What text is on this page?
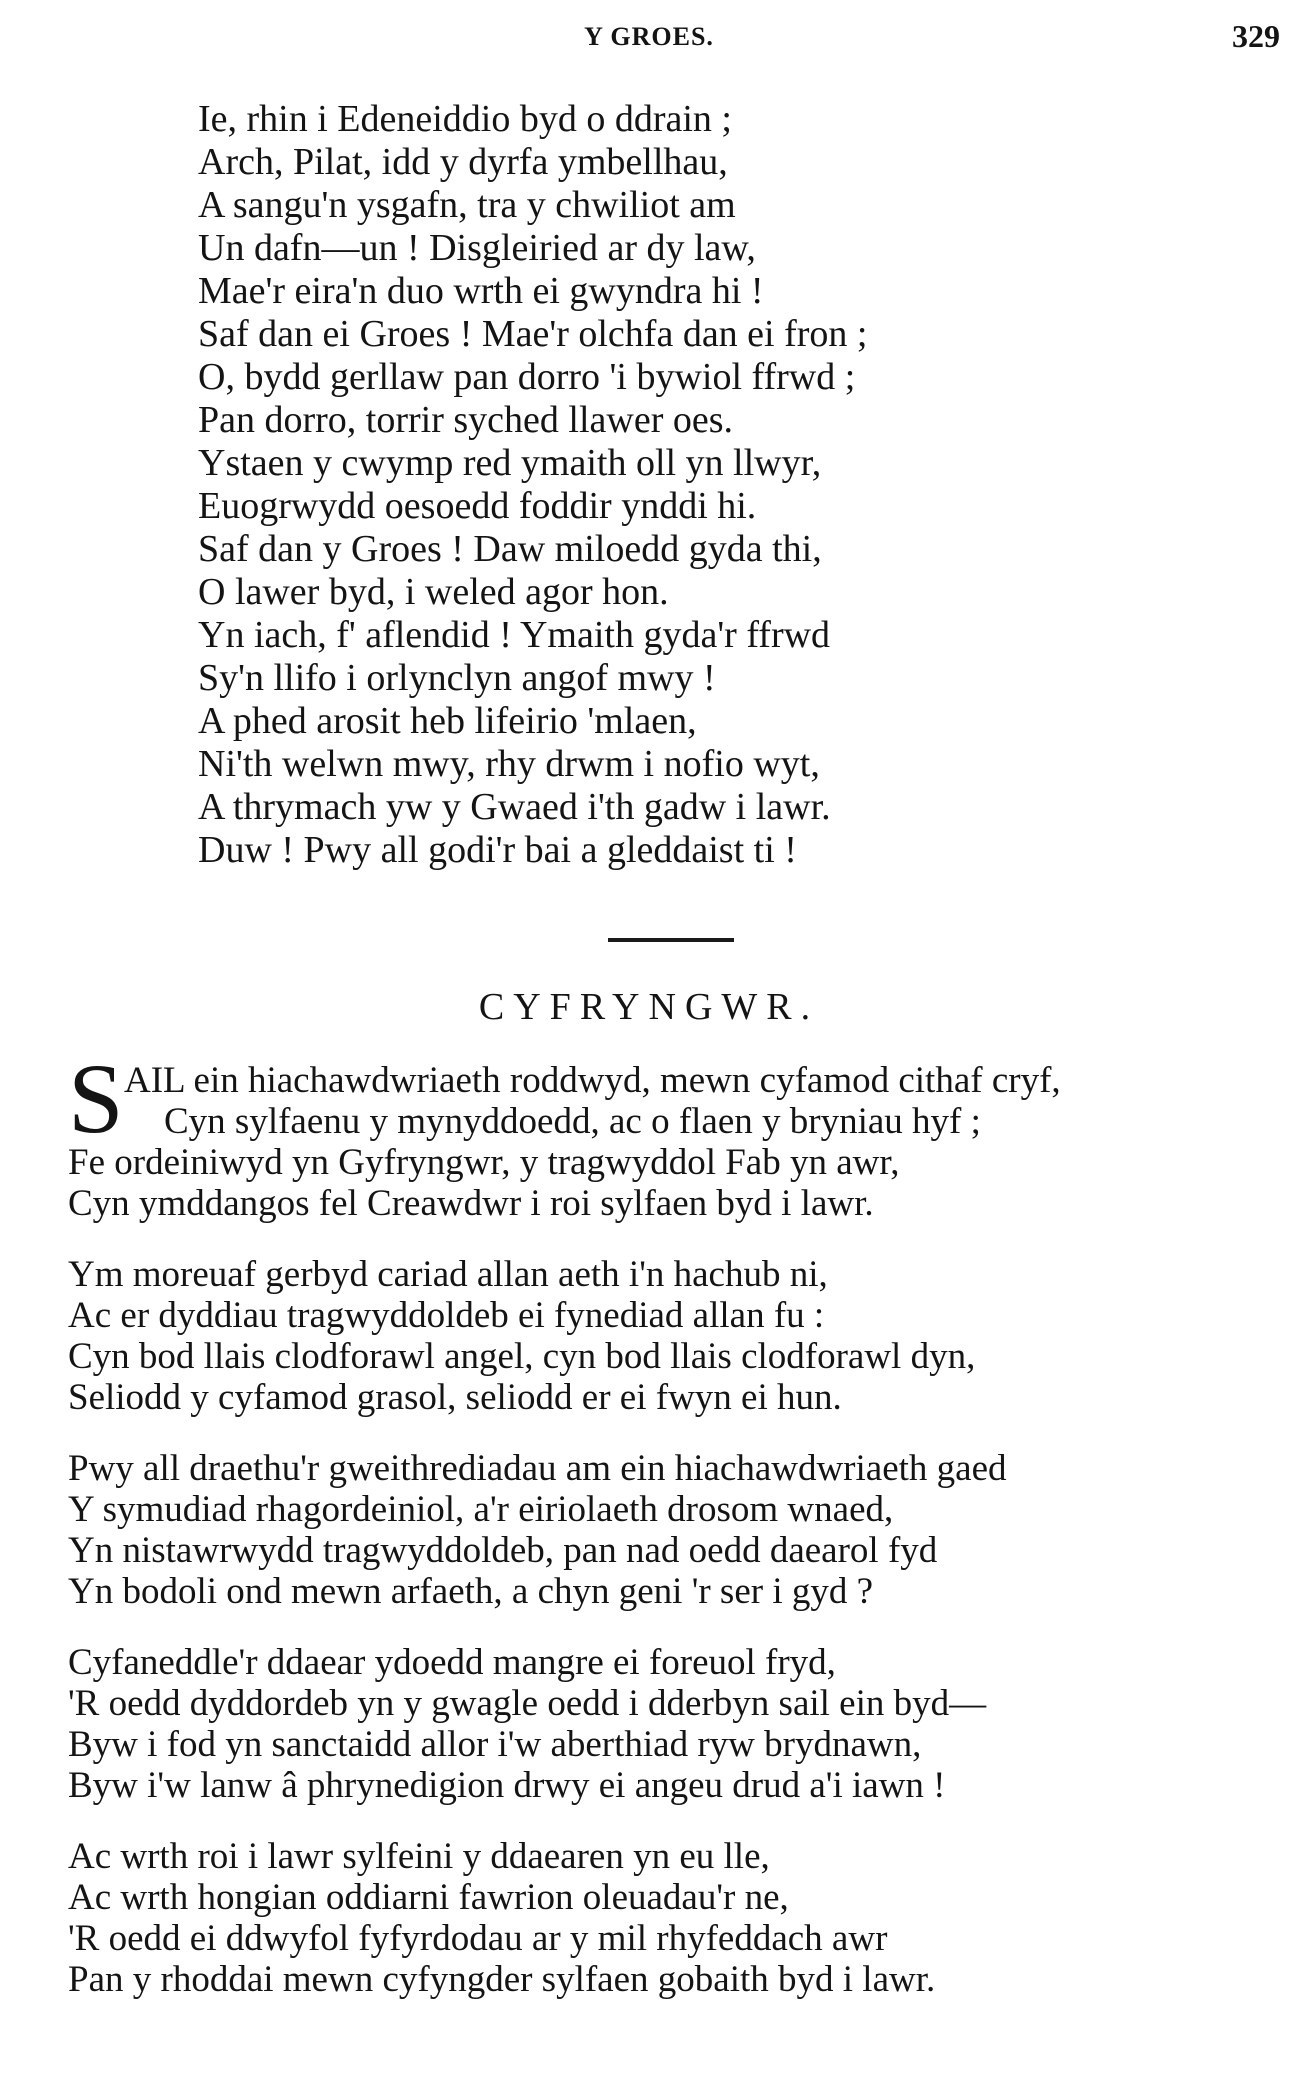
Y GROES.	329
Ie, rhin i Edeneiddio byd o ddrain ;
Arch, Pilat, idd y dyrfa ymbellhau,
A sangu'n ysgafn, tra y chwiliot am
Un dafn—un ! Disgleiried ar dy law,
Mae'r eira'n duo wrth ei gwyndra hi !
Saf dan ei Groes ! Mae'r olchfa dan ei fron ;
O, bydd gerllaw pan dorro 'i bywiol ffrwd ;
Pan dorro, torrir syched llawer oes.
Ystaen y cwymp red ymaith oll yn llwyr,
Euogrwydd oesoedd foddir ynddi hi.
Saf dan y Groes ! Daw miloedd gyda thi,
O lawer byd, i weled agor hon.
Yn iach, f' aflendid ! Ymaith gyda'r ffrwd
Sy'n llifo i orlynclyn angof mwy !
A phed arosit heb lifeirio 'mlaen,
Ni'th welwn mwy, rhy drwm i nofio wyt,
A thrymach yw y Gwaed i'th gadw i lawr.
Duw ! Pwy all godi'r bai a gleddaist ti !
CYFRYNGWR.
S AIL ein hiachawdwriaeth roddwyd, mewn cyfamod cithaf cryf,
Cyn sylfaenu y mynyddoedd, ac o flaen y bryniau hyf ;
Fe ordeiniwyd yn Gyfryngwr, y tragwyddol Fab yn awr,
Cyn ymddangos fel Creawdwr i roi sylfaen byd i lawr.
Ym moreuaf gerbyd cariad allan aeth i'n hachub ni,
Ac er dyddiau tragwyddoldeb ei fynediad allan fu :
Cyn bod llais clodforawl angel, cyn bod llais clodforawl dyn,
Seliodd y cyfamod grasol, seliodd er ei fwyn ei hun.
Pwy all draethu'r gweithrediadau am ein hiachawdwriaeth gaed
Y symudiad rhagordeiniol, a'r eiriolaeth drosom wnaed,
Yn nistawrwydd tragwyddoldeb, pan nad oedd daearol fyd
Yn bodoli ond mewn arfaeth, a chyn geni 'r ser i gyd ?
Cyfaneddle'r ddaear ydoedd mangre ei foreuol fryd,
'R oedd dyddordeb yn y gwagle oedd i dderbyn sail ein byd—
Byw i fod yn sanctaidd allor i'w aberthiad ryw brydnawn,
Byw i'w lanw â phrynedigion drwy ei angeu drud a'i iawn !
Ac wrth roi i lawr sylfeini y ddaearen yn eu lle,
Ac wrth hongian oddiarni fawrion oleuadau'r ne,
'R oedd ei ddwyfol fyfyrdodau ar y mil rhyfeddach awr
Pan y rhoddai mewn cyfyngder sylfaen gobaith byd i lawr.
